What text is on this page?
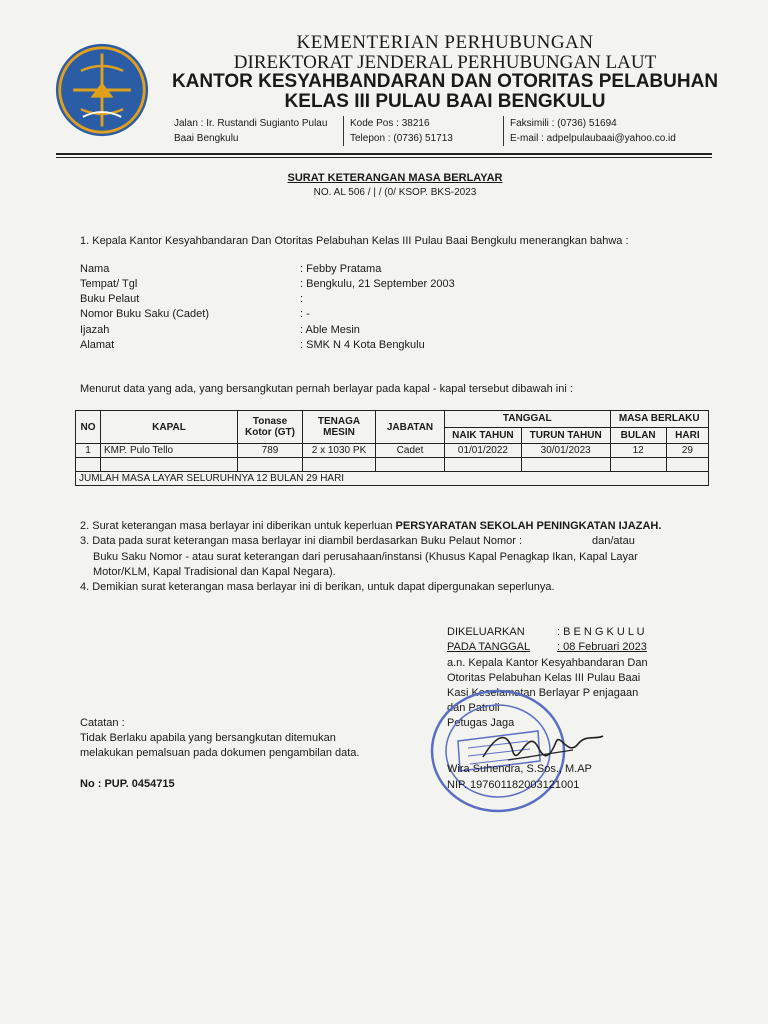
KEMENTERIAN PERHUBUNGAN
DIREKTORAT JENDERAL PERHUBUNGAN LAUT
KANTOR KESYAHBANDARAN DAN OTORITAS PELABUHAN
KELAS III PULAU BAAI BENGKULU
Jalan : Ir. Rustandi Sugianto Pulau
Baai Bengkulu
Kode Pos : 38216
Telepon : (0736) 51713
Faksimili : (0736) 51694
E-mail : adpelpulaubaai@yahoo.co.id
SURAT KETERANGAN MASA BERLAYAR
NO. AL 506 / | / (0/ KSOP. BKS-2023
1. Kepala Kantor Kesyahbandaran Dan Otoritas Pelabuhan Kelas III Pulau Baai Bengkulu menerangkan bahwa :
Nama	: Febby Pratama
Tempat/ Tgl	: Bengkulu, 21 September 2003
Buku Pelaut	:
Nomor Buku Saku (Cadet)	: -
Ijazah	: Able Mesin
Alamat	: SMK N 4 Kota Bengkulu
Menurut data yang ada, yang bersangkutan pernah berlayar pada kapal - kapal tersebut dibawah ini :
NO	KAPAL	Tonase Kotor (GT)	TENAGA MESIN	JABATAN	TANGGAL		MASA BERLAKU	
					NAIK TAHUN	TURUN TAHUN	BULAN	HARI
1	KMP. Pulo Tello	789	2 x 1030 PK	Cadet	01/01/2022	30/01/2023	12	29

JUMLAH MASA LAYAR SELURUHNYA 12 BULAN 29 HARI								
2. Surat keterangan masa berlayar ini diberikan untuk keperluan PERSYARATAN SEKOLAH PENINGKATAN IJAZAH.
3. Data pada surat keterangan masa berlayar ini diambil berdasarkan Buku Pelaut Nomor :	dan/atau
Buku Saku Nomor - atau surat keterangan dari perusahaan/instansi (Khusus Kapal Penagkap Ikan, Kapal Layar
Motor/KLM, Kapal Tradisional dan Kapal Negara).
4. Demikian surat keterangan masa berlayar ini di berikan, untuk dapat dipergunakan seperlunya.
DIKELUARKAN	: B E N G K U L U
PADA TANGGAL : 08 Februari 2023
a.n. Kepala Kantor Kesyahbandaran Dan
Otoritas Pelabuhan Kelas III Pulau Baai
Kasi Keselamatan Berlayar P enjagaan
dan Patroli
Petugas Jaga
Wira Suhendra, S.Sos., M.AP
NIP. 197601182003121001
Catatan :
Tidak Berlaku apabila yang bersangkutan ditemukan
melakukan pemalsuan pada dokumen pengambilan data.
No : PUP. 0454715
